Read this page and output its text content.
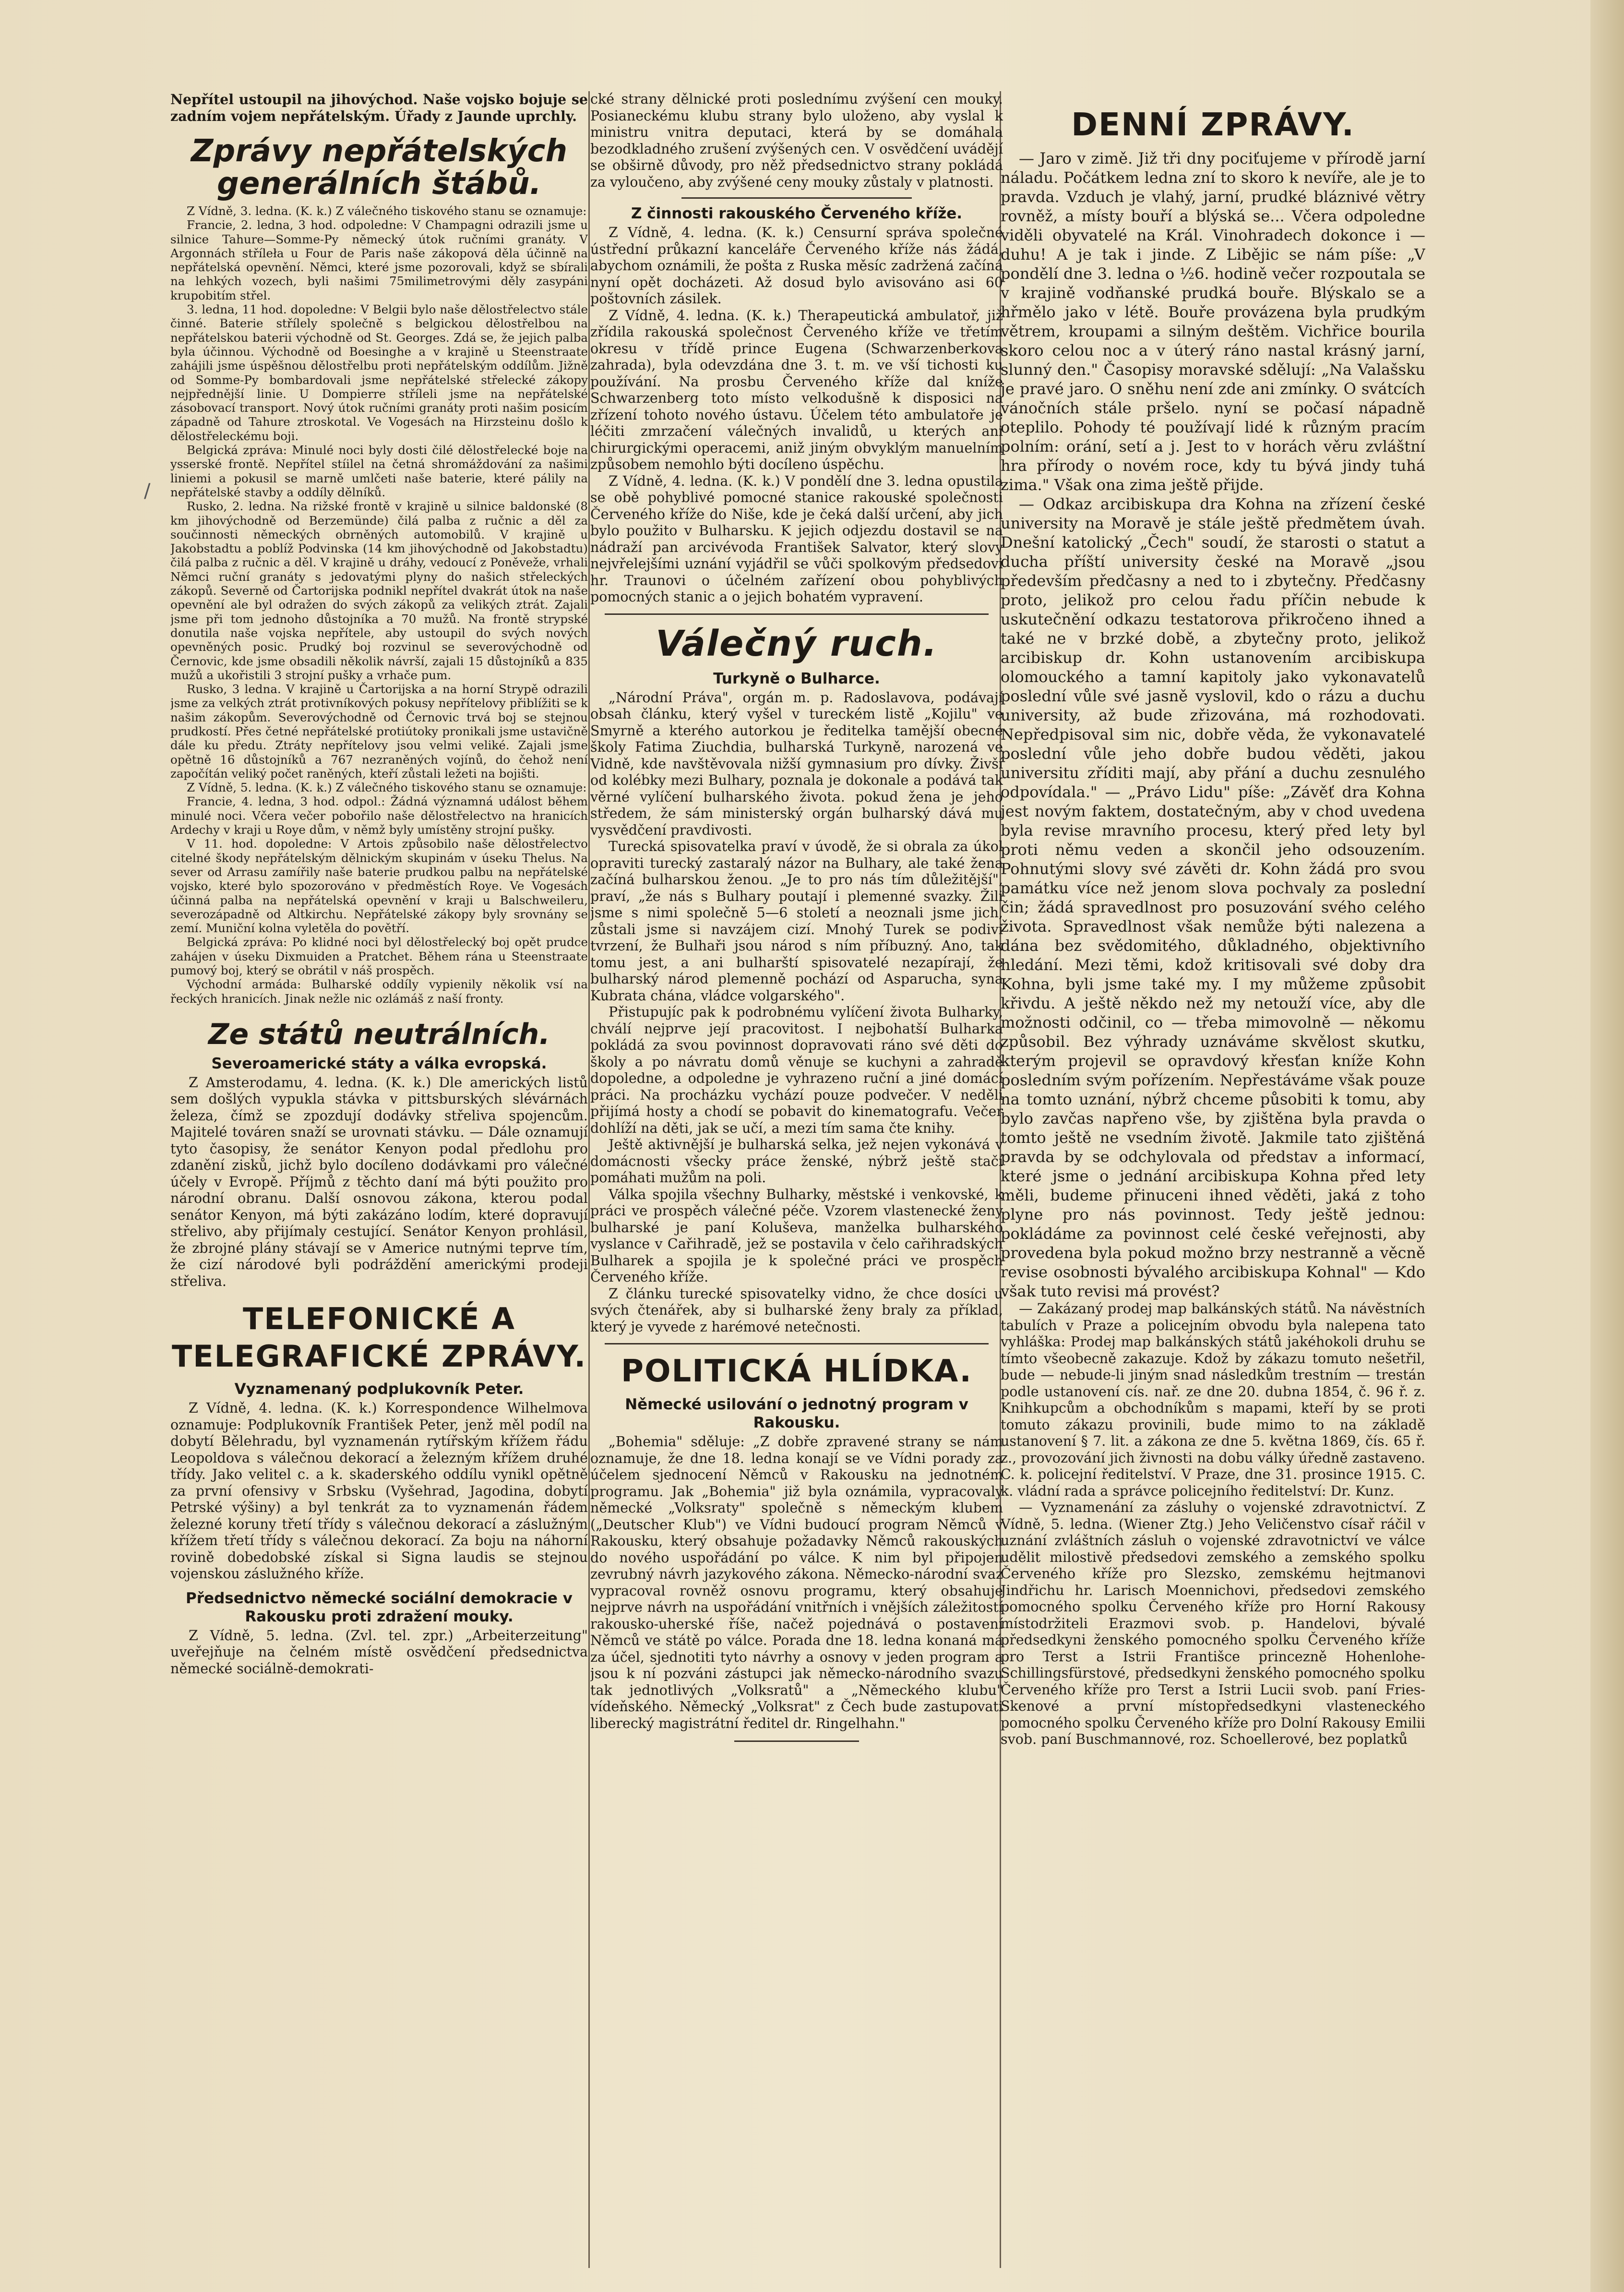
/

Nepřítel ustoupil na jihovýchod. Naše vojsko bojuje se zadním vojem nepřátelským. Úřady z Jaunde uprchly.

Zprávy nepřátelských generálních štábů.

Z Vídně, 3. ledna. (K. k.) Z válečného tiskového stanu se oznamuje:

Francie, 2. ledna, 3 hod. odpoledne: V Champagni odrazili jsme u silnice Tahure—Somme-Py německý útok ručními granáty. V Argonnách stříleła u Four de Paris naše zákopová děla účinně na nepřátelská opevnění. Němci, které jsme pozorovali, když se sbírali na lehkých vozech, byli našimi 75milimetrovými děly zasypáni krupobitím střel.

3. ledna, 11 hod. dopoledne: V Belgii bylo naše dělostřelectvo stále činné. Baterie střílely společně s belgickou dělostřelbou na nepřátelskou baterii východně od St. Georges. Zdá se, že jejich palba byla účinnou. Východně od Boesinghe a v krajině u Steenstraate zahájili jsme úspěšnou dělostřelbu proti nepřátelským oddílům. Jižně od Somme-Py bombardovali jsme nepřátelské střelecké zákopy nejpřednější linie. U Dompierre stříleli jsme na nepřátelské zásobovací transport. Nový útok ručními granáty proti našim posicím západně od Tahure ztroskotal. Ve Vogesách na Hirzsteinu došlo k dělostřeleckému boji.

Belgická zpráva: Minulé noci byly dosti čilé dělostřelecké boje na ysserské frontě. Nepřítel stíilel na četná shromáždování za našimi liniemi a pokusil se marně umlčeti naše baterie, které pálily na nepřátelské stavby a oddíly dělníků.

Rusko, 2. ledna. Na rižské frontě v krajině u silnice baldonské (8 km jihovýchodně od Berzemünde) čilá palba z ručnic a děl za součinnosti německých obrněných automobilů. V krajině u Jakobstadtu a poblíž Podvinska (14 km jihovýchodně od Jakobstadtu) čilá palba z ručnic a děl. V krajině u dráhy, vedoucí z Poněveže, vrhali Němci ruční granáty s jedovatými plyny do našich střeleckých zákopů. Severně od Čartorijska podnikl nepřítel dvakrát útok na naše opevnění ale byl odražen do svých zákopů za velikých ztrát. Zajali jsme při tom jednoho důstojníka a 70 mužů. Na frontě strypské donutila naše vojska nepřítele, aby ustoupil do svých nových opevněných posic. Prudký boj rozvinul se severovýchodně od Černovic, kde jsme obsadili několik návrší, zajali 15 důstojníků a 835 mužů a ukořistili 3 strojní pušky a vrhače pum.

Rusko, 3 ledna. V krajině u Čartorijska a na horní Strypě odrazili jsme za velkých ztrát protivníkových pokusy nepřítelovy přiblížiti se k našim zákopům. Severovýchodně od Černovic trvá boj se stejnou prudkostí. Přes četné nepřátelské protiútoky pronikali jsme ustavičně dále ku předu. Ztráty nepřítelovy jsou velmi veliké. Zajali jsme opětně 16 důstojníků a 767 nezraněných vojínů, do čehož není započítán veliký počet raněných, kteří zůstali ležeti na bojišti.

Z Vídně, 5. ledna. (K. k.) Z válečného tiskového stanu se oznamuje:

Francie, 4. ledna, 3 hod. odpol.: Žádná významná událost během minulé noci. Včera večer pobořilo naše dělostřelectvo na hranicích Ardechy v kraji u Roye dům, v němž byly umístěny strojní pušky.

V 11. hod. dopoledne: V Artois způsobilo naše dělostřelectvo citelné škody nepřátelským dělnickým skupinám v úseku Thelus. Na sever od Arrasu zamířily naše baterie prudkou palbu na nepřátelské vojsko, které bylo spozorováno v předměstích Roye. Ve Vogesách účinná palba na nepřátelská opevnění v kraji u Balschweileru, severozápadně od Altkirchu. Nepřátelské zákopy byly srovnány se zemí. Muniční kolna vyletěla do povětří.

Belgická zpráva: Po klidné noci byl dělostřelecký boj opět prudce zahájen v úseku Dixmuiden a Pratchet. Během rána u Steenstraate pumový boj, který se obrátil v náš prospěch.

Východní armáda: Bulharské oddíly vypienily několik vsí na řeckých hranicích. Jinak nežle nic ozlámáš z naší fronty.

Ze států neutrálních.
Severoamerické státy a válka evropská.

Z Amsterodamu, 4. ledna. (K. k.) Dle amerických listů sem došlých vypukla stávka v pittsburských slévárnách železa, čímž se zpozdují dodávky střeliva spojencům. Majitelé továren snaží se urovnati stávku. — Dále oznamují tyto časopisy, že senátor Kenyon podal předlohu pro zdanění zisků, jichž bylo docíleno dodávkami pro válečné účely v Evropě. Příjmů z těchto daní má býti použito pro národní obranu. Další osnovou zákona, kterou podal senátor Kenyon, má býti zakázáno lodím, které dopravují střelivo, aby přijímaly cestující. Senátor Kenyon prohlásil, že zbrojné plány stávají se v Americe nutnými teprve tím, že cizí národové byli podráždění americkými prodeji střeliva.

TELEFONICKÉ A TELEGRAFICKÉ ZPRÁVY.
Vyznamenaný podplukovník Peter.

Z Vídně, 4. ledna. (K. k.) Korrespondence Wilhelmova oznamuje: Podplukovník František Peter, jenž měl podíl na dobytí Bělehradu, byl vyznamenán rytířským křížem řádu Leopoldova s válečnou dekorací a železným křížem druhé třídy. Jako velitel c. a k. skaderského oddílu vynikl opětně za první ofensivy v Srbsku (Vyšehrad, Jagodina, dobytí Petrské výšiny) a byl tenkrát za to vyznamenán řádem železné koruny třetí třídy s válečnou dekorací a záslužným křížem třetí třídy s válečnou dekorací. Za boju na náhorní rovině dobedobské získal si Signa laudis se stejnou vojenskou záslužného kříže.

Předsednictvo německé sociální demokracie v Rakousku proti zdražení mouky.

Z Vídně, 5. ledna. (Zvl. tel. zpr.) „Arbeiterzeitung" uveřejňuje na čelném místě osvědčení předsednictva německé sociálně-demokrati-

cké strany dělnické proti poslednímu zvýšení cen mouky. Posianeckému klubu strany bylo uloženo, aby vyslal k ministru vnitra deputaci, která by se domáhala bezodkladného zrušení zvýšených cen. V osvědčení uvádějí se obširně důvody, pro něž předsednictvo strany pokládá za vyloučeno, aby zvýšené ceny mouky zůstaly v platnosti.

Z činnosti rakouského Červeného kříže.

Z Vídně, 4. ledna. (K. k.) Censurní správa společné ústřední průkazní kanceláře Červeného kříže nás žádá, abychom oznámili, že pošta z Ruska měsíc zadržená začíná nyní opět docházeti. Až dosud bylo avisováno asi 60 poštovních zásilek.

Z Vídně, 4. ledna. (K. k.) Therapeutická ambulatoř, již zřídila rakouská společnost Červeného kříže ve třetím okresu v třídě prince Eugena (Schwarzenberkova zahrada), byla odevzdána dne 3. t. m. ve vší tichosti ku používání. Na prosbu Červeného kříže dal kníže Schwarzenberg toto místo velkodušně k disposici na zřízení tohoto nového ústavu. Účelem této ambulatoře je léčiti zmrzačení válečných invalidů, u kterých ani chirurgickými operacemi, aniž jiným obvyklým manuelním způsobem nemohlo býti docíleno úspěchu.

Z Vídně, 4. ledna. (K. k.) V pondělí dne 3. ledna opustila se obě pohyblivé pomocné stanice rakouské společnosti Červeného kříže do Niše, kde je čeká další určení, aby jich bylo použito v Bulharsku. K jejich odjezdu dostavil se na nádraží pan arcivévoda František Salvator, který slovy nejvřelejšími uznání vyjádřil se vůči spolkovým předsedovi hr. Traunovi o účelném zařízení obou pohyblivých pomocných stanic a o jejich bohatém vypravení.

Válečný ruch.
Turkyně o Bulharce.

„Národní Práva", orgán m. p. Radoslavova, podávají obsah článku, který vyšel v tureckém listě „Kojilu" ve Smyrně a kterého autorkou je ředitelka tamější obecné školy Fatima Ziuchdia, bulharská Turkyně, narozená ve Vidně, kde navštěvovala nižší gymnasium pro dívky. Živší od kolébky mezi Bulhary, poznala je dokonale a podává tak věrné vylíčení bulharského života. pokud žena je jeho středem, že sám ministerský orgán bulharský dává mu vysvědčení pravdivosti.

Turecká spisovatelka praví v úvodě, že si obrala za úkol opraviti turecký zastaralý názor na Bulhary, ale také žena začíná bulharskou ženou. „Je to pro nás tím důležitější", praví, „že nás s Bulhary poutají i plemenné svazky. Žili jsme s nimi společně 5—6 století a neoznali jsme jich, zůstali jsme si navzájem cizí. Mnohý Turek se podivi tvrzení, že Bulhaři jsou národ s ním příbuzný. Ano, tak tomu jest, a ani bulharští spisovatelé nezapírají, že bulharský národ plemenně pochází od Asparucha, syna Kubrata chána, vládce volgarského".

Přistupujíc pak k podrobnému vylíčení života Bulharky, chválí nejprve její pracovitost. I nejbohatší Bulharka pokládá za svou povinnost dopravovati ráno své děti do školy a po návratu domů věnuje se kuchyni a zahradě dopoledne, a odpoledne je vyhrazeno ruční a jiné domácí práci. Na procházku vychází pouze podvečer. V neděli přijímá hosty a chodí se pobavit do kinematografu. Večer dohlíží na děti, jak se učí, a mezi tím sama čte knihy.

Ještě aktivnější je bulharská selka, jež nejen vykonává v domácnosti všecky práce ženské, nýbrž ještě stačí pomáhati mužům na poli.

Válka spojila všechny Bulharky, městské i venkovské, k práci ve prospěch válečné péče. Vzorem vlastenecké ženy bulharské je paní Koluševa, manželka bulharského vyslance v Cařihradě, jež se postavila v čelo cařihradských Bulharek a spojila je k společné práci ve prospěch Červeného kříže.

Z článku turecké spisovatelky vidno, že chce dosíci u svých čtenářek, aby si bulharské ženy braly za příklad, který je vyvede z harémové netečnosti.

POLITICKÁ HLÍDKA.
Německé usilování o jednotný program v Rakousku.

„Bohemia" sděluje: „Z dobře zpravené strany se nám oznamuje, že dne 18. ledna konají se ve Vídni porady za účelem sjednocení Němců v Rakousku na jednotném programu. Jak „Bohemia" již byla oznámila, vypracovaly německé „Volksraty" společně s německým klubem („Deutscher Klub") ve Vídni budoucí program Němců v Rakousku, který obsahuje požadavky Němců rakouských do nového uspořádání po válce. K nim byl připojen zevrubný návrh jazykového zákona. Německo-národní svaz vypracoval rovněž osnovu programu, který obsahuje nejprve návrh na uspořádání vnitřních i vnějších záležitostí rakousko-uherské říše, načež pojednává o postavení Němců ve státě po válce. Porada dne 18. ledna konaná má za účel, sjednotiti tyto návrhy a osnovy v jeden program a jsou k ní pozváni zástupci jak německo-národního svazu tak jednotlivých „Volksratů" a „Německého klubu" vídeňského. Německý „Volksrat" z Čech bude zastupovati liberecký magistrátní ředitel dr. Ringelhahn."

DENNÍ ZPRÁVY.

— Jaro v zimě. Již tři dny pociťujeme v přírodě jarní náladu. Počátkem ledna zní to skoro k nevíře, ale je to pravda. Vzduch je vlahý, jarní, prudké bláznivé větry rovněž, a místy bouří a blýská se... Včera odpoledne viděli obyvatelé na Král. Vinohradech dokonce i — duhu! A je tak i jinde. Z Libějic se nám píše: „V pondělí dne 3. ledna o ½6. hodině večer rozpoutala se v krajině vodňanské prudká bouře. Blýskalo se a hřmělo jako v létě. Bouře provázena byla prudkým větrem, kroupami a silným deštěm. Vichřice bourila skoro celou noc a v úterý ráno nastal krásný jarní, slunný den." Časopisy moravské sdělují: „Na Valašsku je pravé jaro. O sněhu není zde ani zmínky. O svátcích vánočních stále pršelo. nyní se počasí nápadně oteplilo. Pohody té používají lidé k různým pracím polním: orání, setí a j. Jest to v horách věru zvláštní hra přírody o novém roce, kdy tu bývá jindy tuhá zima." Však ona zima ještě přijde.

— Odkaz arcibiskupa dra Kohna na zřízení české university na Moravě je stále ještě předmětem úvah. Dnešní katolický „Čech" soudí, že starosti o statut a ducha příští university české na Moravě „jsou především předčasny a ned to i zbytečny. Předčasny proto, jelikož pro celou řadu příčin nebude k uskutečnění odkazu testatorova přikročeno ihned a také ne v brzké době, a zbytečny proto, jelikož arcibiskup dr. Kohn ustanovením arcibiskupa olomouckého a tamní kapitoly jako vykonavatelů poslední vůle své jasně vyslovil, kdo o rázu a duchu university, až bude zřizována, má rozhodovati. Nepředpisoval sim nic, dobře věda, že vykonavatelé poslední vůle jeho dobře budou věděti, jakou universitu zříditi mají, aby přání a duchu zesnulého odpovídala." — „Právo Lidu" píše: „Závěť dra Kohna jest novým faktem, dostatečným, aby v chod uvedena byla revise mravního procesu, který před lety byl proti němu veden a skončil jeho odsouzením. Pohnutými slovy své závěti dr. Kohn žádá pro svou památku více než jenom slova pochvaly za poslední čin; žádá spravedlnost pro posuzování svého celého života. Spravedlnost však nemůže býti nalezena a dána bez svědomitého, důkladného, objektivního hledání. Mezi těmi, kdož kritisovali své doby dra Kohna, byli jsme také my. I my můžeme způsobit křivdu. A ještě někdo než my netouží více, aby dle možnosti odčinil, co — třeba mimovolně — někomu způsobil. Bez výhrady uznáváme skvělost skutku, kterým projevil se opravdový křesťan kníže Kohn posledním svým pořízením. Nepřestáváme však pouze na tomto uznání, nýbrž chceme působiti k tomu, aby bylo zavčas napřeno vše, by zjištěna byla pravda o tomto ještě ne vsedním životě. Jakmile tato zjištěná pravda by se odchylovala od představ a informací, které jsme o jednání arcibiskupa Kohna před lety měli, budeme přinuceni ihned věděti, jaká z toho plyne pro nás povinnost. Tedy ještě jednou: pokládáme za povinnost celé české veřejnosti, aby provedena byla pokud možno brzy nestranně a věcně revise osobnosti bývalého arcibiskupa Kohnal" — Kdo však tuto revisi má provést?

— Zakázaný prodej map balkánských států. Na návěstních tabulích v Praze a policejním obvodu byla nalepena tato vyhláška: Prodej map balkánských států jakéhokoli druhu se tímto všeobecně zakazuje. Kdož by zákazu tomuto nešetřil, bude — nebude-li jiným snad následkům trestním — trestán podle ustanovení cís. nař. ze dne 20. dubna 1854, č. 96 ř. z. Knihkupcům a obchodníkům s mapami, kteří by se proti tomuto zákazu provinili, bude mimo to na základě ustanovení § 7. lit. a zákona ze dne 5. května 1869, čís. 65 ř. z., provozování jich živnosti na dobu války úředně zastaveno. C. k. policejní ředitelství. V Praze, dne 31. prosince 1915. C. k. vládní rada a správce policejního ředitelství: Dr. Kunz.

— Vyznamenání za zásluhy o vojenské zdravotnictví. Z Vídně, 5. ledna. (Wiener Ztg.) Jeho Veličenstvo císař ráčil v uznání zvláštních zásluh o vojenské zdravotnictví ve válce udělit milostivě předsedovi zemského a zemského spolku Červeného kříže pro Slezsko, zemskému hejtmanovi Jindřichu hr. Larisch Moennichovi, předsedovi zemského pomocného spolku Červeného kříže pro Horní Rakousy místodržiteli Erazmovi svob. p. Handelovi, bývalé předsedkyni ženského pomocného spolku Červeného kříže pro Terst a Istrii Františce princezně Hohenlohe-Schillingsfürstové, předsedkyni ženského pomocného spolku Červeného kříže pro Terst a Istrii Lucii svob. paní Fries-Skenové a první místopředsedkyni vlasteneckého pomocného spolku Červeného kříže pro Dolní Rakousy Emilii svob. paní Buschmannové, roz. Schoellerové, bez poplatků
